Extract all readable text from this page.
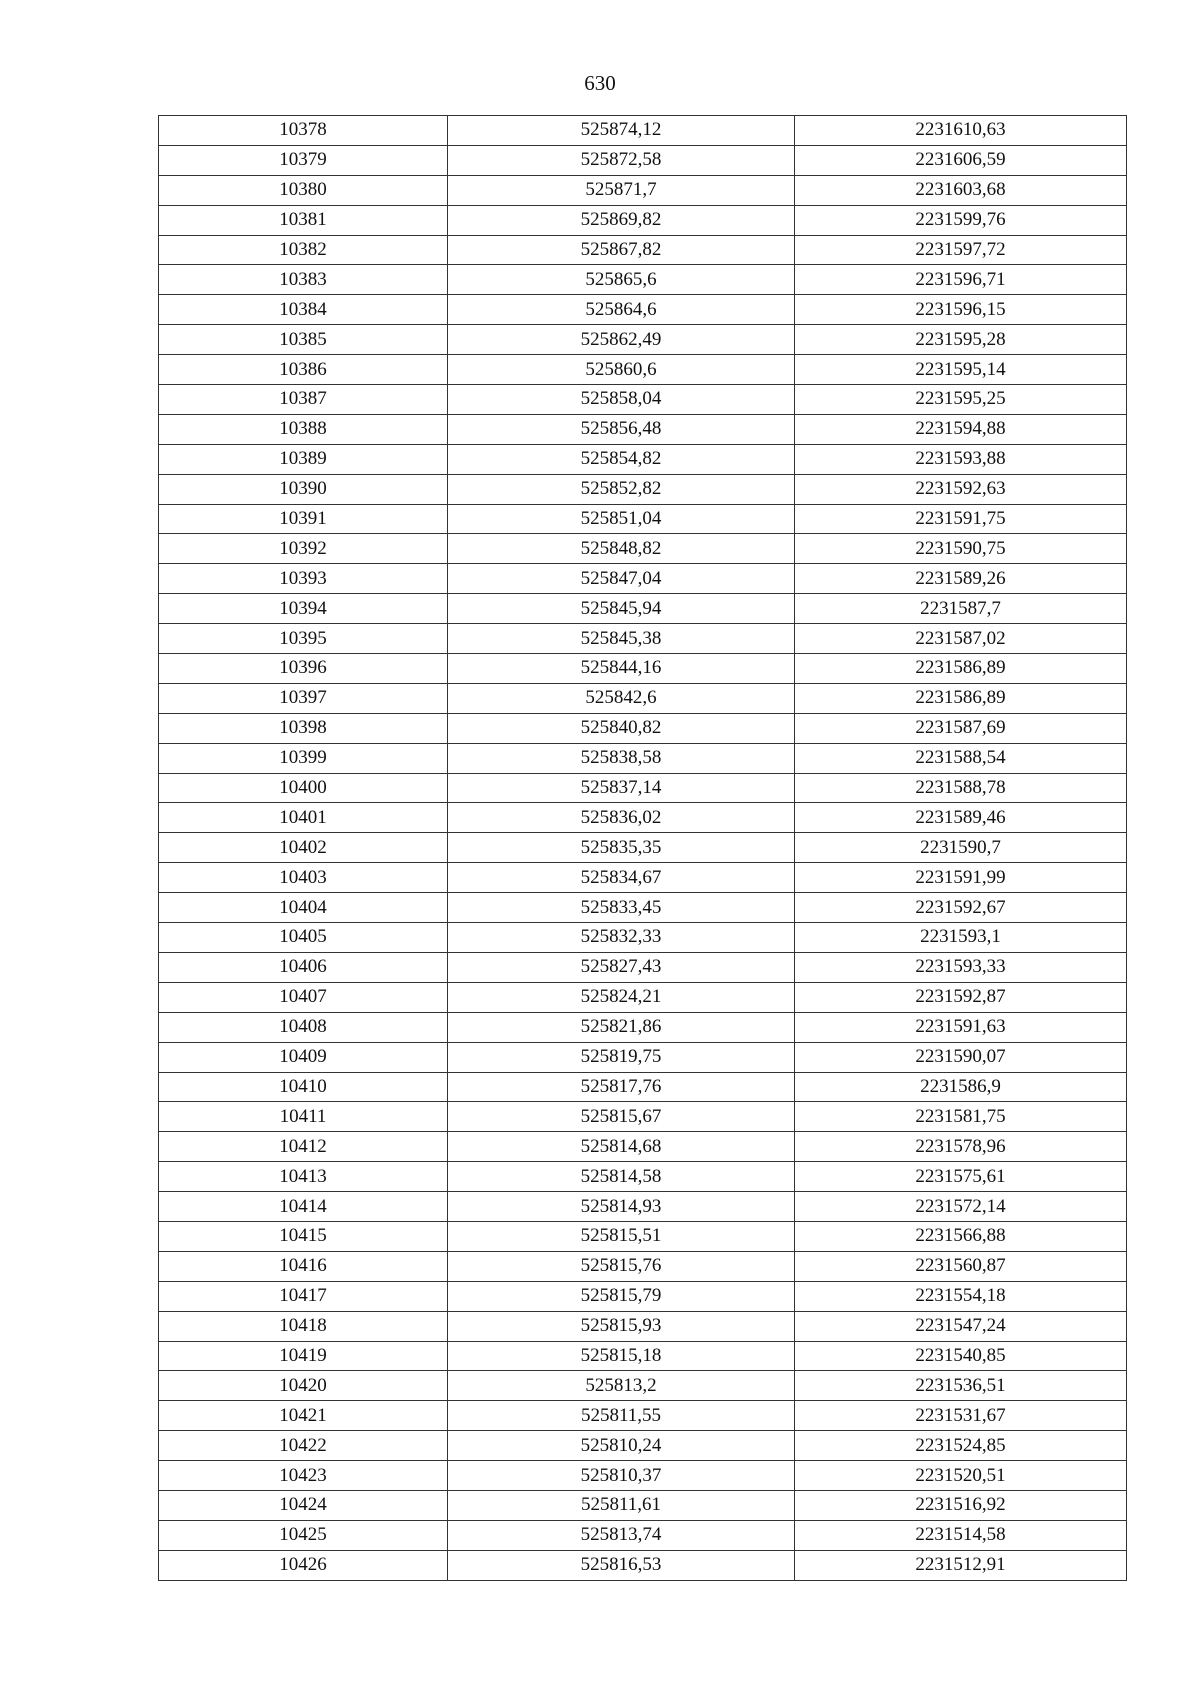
630
10378	525874,12	2231610,63
10379	525872,58	2231606,59
10380	525871,7	2231603,68
10381	525869,82	2231599,76
10382	525867,82	2231597,72
10383	525865,6	2231596,71
10384	525864,6	2231596,15
10385	525862,49	2231595,28
10386	525860,6	2231595,14
10387	525858,04	2231595,25
10388	525856,48	2231594,88
10389	525854,82	2231593,88
10390	525852,82	2231592,63
10391	525851,04	2231591,75
10392	525848,82	2231590,75
10393	525847,04	2231589,26
10394	525845,94	2231587,7
10395	525845,38	2231587,02
10396	525844,16	2231586,89
10397	525842,6	2231586,89
10398	525840,82	2231587,69
10399	525838,58	2231588,54
10400	525837,14	2231588,78
10401	525836,02	2231589,46
10402	525835,35	2231590,7
10403	525834,67	2231591,99
10404	525833,45	2231592,67
10405	525832,33	2231593,1
10406	525827,43	2231593,33
10407	525824,21	2231592,87
10408	525821,86	2231591,63
10409	525819,75	2231590,07
10410	525817,76	2231586,9
10411	525815,67	2231581,75
10412	525814,68	2231578,96
10413	525814,58	2231575,61
10414	525814,93	2231572,14
10415	525815,51	2231566,88
10416	525815,76	2231560,87
10417	525815,79	2231554,18
10418	525815,93	2231547,24
10419	525815,18	2231540,85
10420	525813,2	2231536,51
10421	525811,55	2231531,67
10422	525810,24	2231524,85
10423	525810,37	2231520,51
10424	525811,61	2231516,92
10425	525813,74	2231514,58
10426	525816,53	2231512,91
